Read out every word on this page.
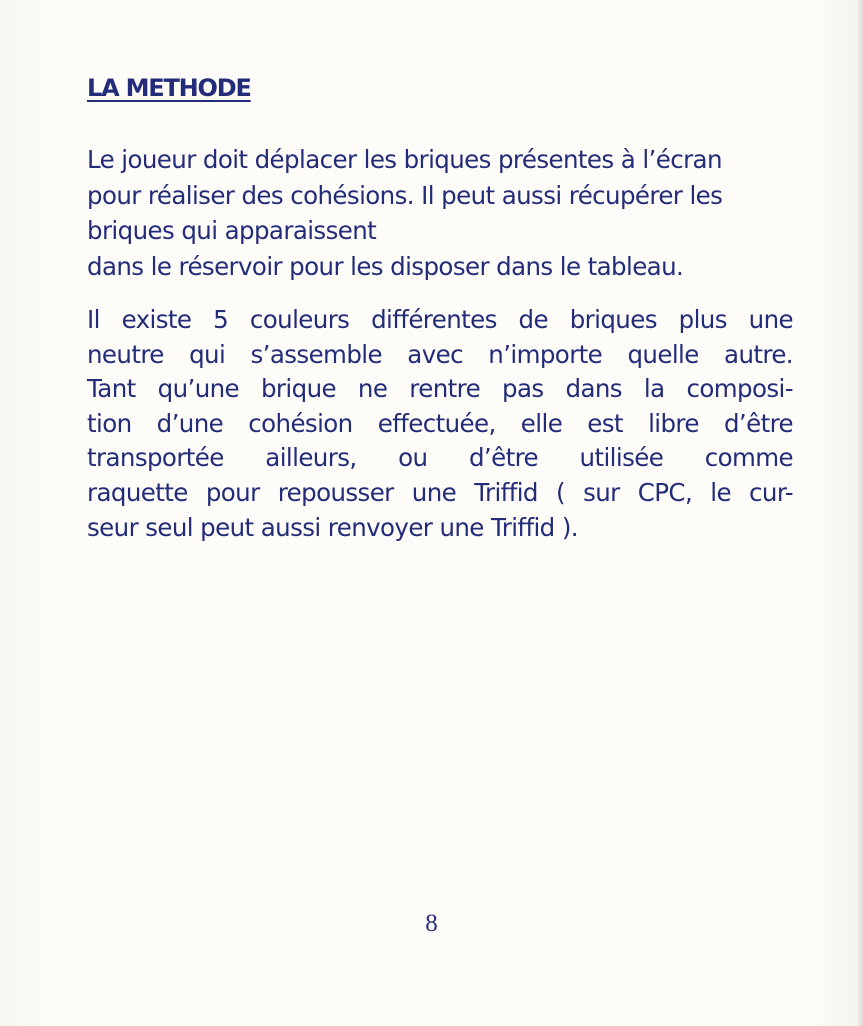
LA METHODE
Le joueur doit déplacer les briques présentes à l’écran
pour réaliser des cohésions. Il peut aussi récupérer les
briques qui apparaissent
dans le réservoir pour les disposer dans le tableau.
Il existe 5 couleurs différentes de briques plus une
neutre qui s’assemble avec n’importe quelle autre.
Tant qu’une brique ne rentre pas dans la composi-
tion d’une cohésion effectuée, elle est libre d’être
transportée ailleurs, ou d’être utilisée comme
raquette pour repousser une Triffid ( sur CPC, le cur-
seur seul peut aussi renvoyer une Triffid ).
8
